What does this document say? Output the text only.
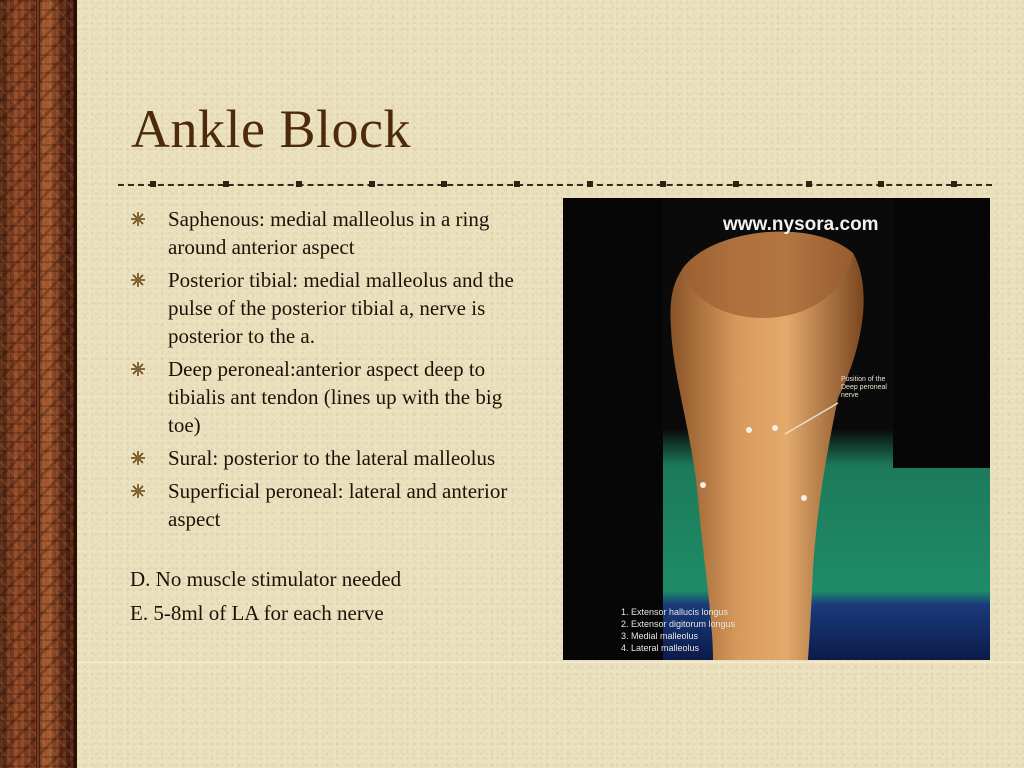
Ankle Block
Saphenous: medial malleolus in a ring around anterior aspect
Posterior tibial: medial malleolus and the pulse of the posterior tibial a, nerve is posterior to the a.
Deep peroneal:anterior aspect deep to tibialis ant tendon (lines up with the big toe)
Sural: posterior to the lateral malleolus
Superficial peroneal: lateral and anterior aspect
D. No muscle stimulator needed
E. 5-8ml of LA for each nerve
www.nysora.com
Position of the
Deep peroneal
nerve
1. Extensor hallucis longus
2. Extensor digitorum longus
3. Medial malleolus
4. Lateral malleolus
